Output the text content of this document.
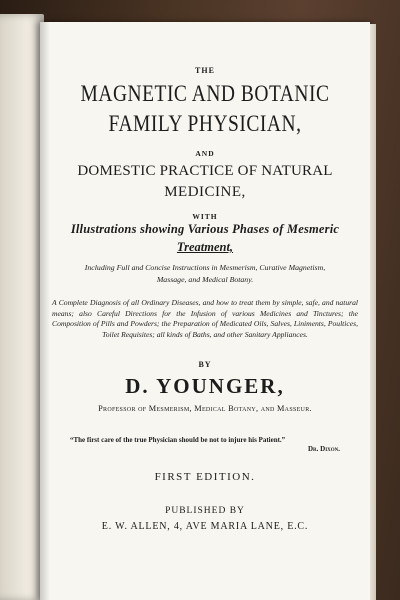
THE

MAGNETIC AND BOTANIC

FAMILY PHYSICIAN,

AND

DOMESTIC PRACTICE OF NATURAL

MEDICINE,

WITH

Illustrations showing Various Phases of Mesmeric

Treatment,

Including Full and Concise Instructions in Mesmerism, Curative Magnetism, Massage, and Medical Botany.

A Complete Diagnosis of all Ordinary Diseases, and how to treat them by simple, safe, and natural means; also Careful Directions for the Infusion of various Medicines and Tinctures; the Composition of Pills and Powders; the Preparation of Medicated Oils, Salves, Liniments, Poultices, Toilet Requisites; all kinds of Baths, and other Sanitary Appliances.

BY

D. YOUNGER,

Professor of Mesmerism, Medical Botany, and Masseur.

“The first care of the true Physician should be not to injure his Patient.”
Dr. Dixon.

FIRST EDITION.

PUBLISHED BY

E. W. ALLEN, 4, AVE MARIA LANE, E.C.
